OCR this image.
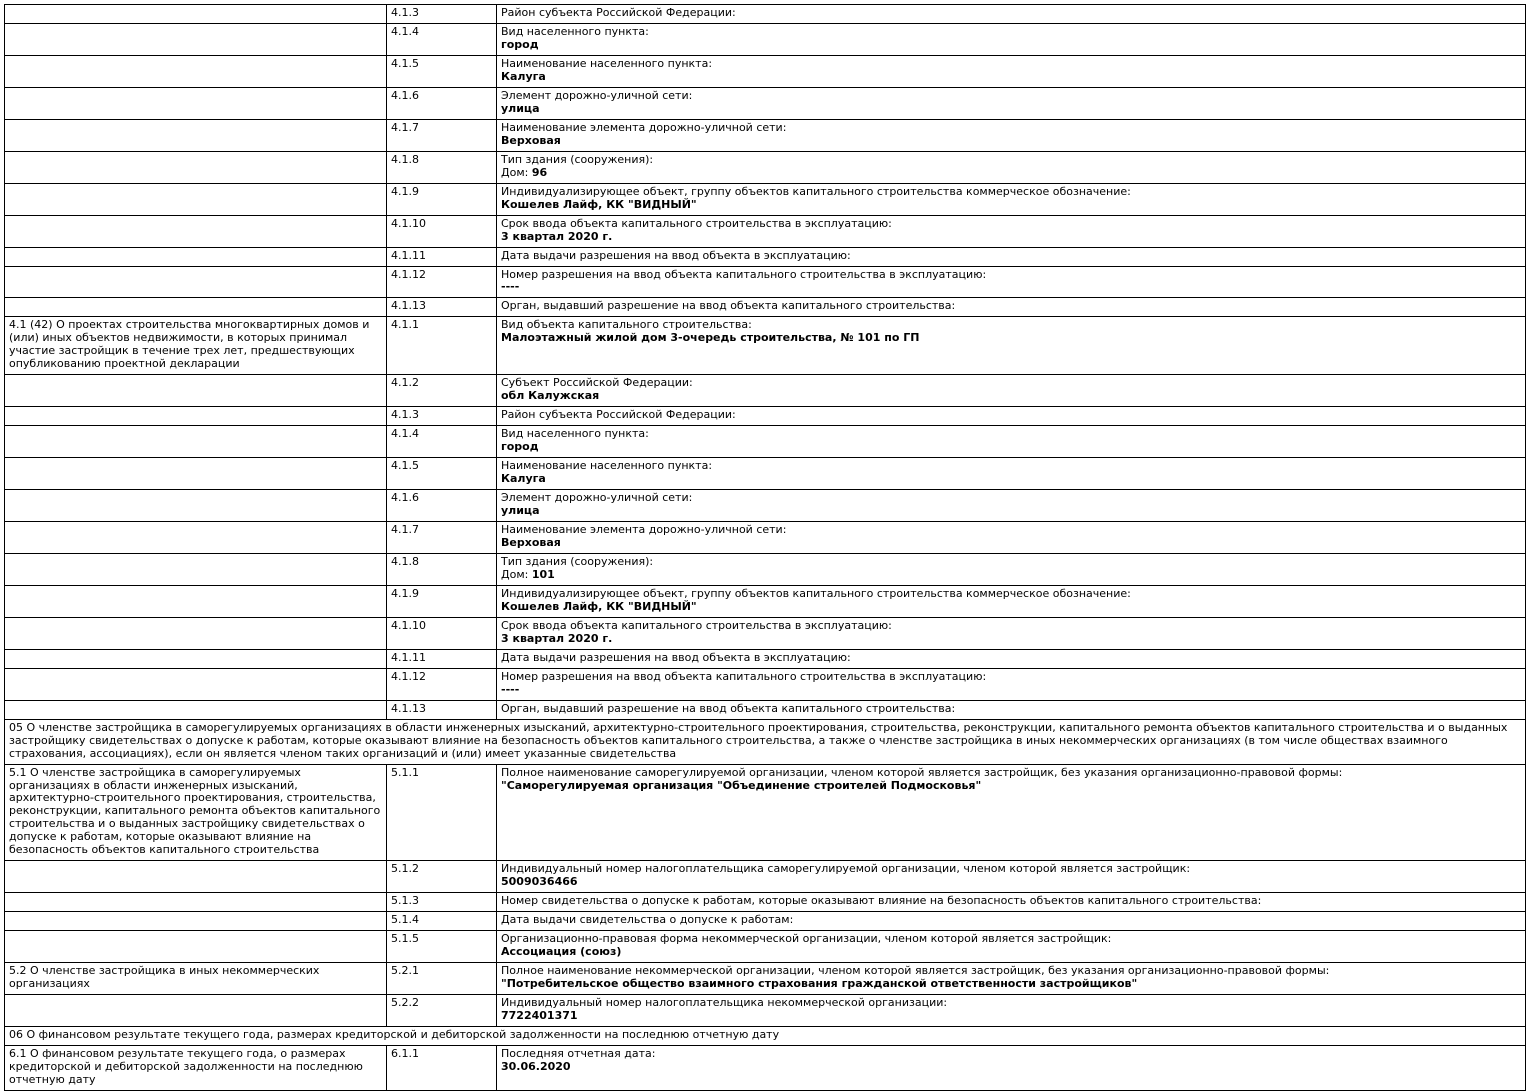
	4.1.3	Район субъекта Российской Федерации:

	4.1.4	Вид населенного пункта:
город

	4.1.5	Наименование населенного пункта:
Калуга

	4.1.6	Элемент дорожно-уличной сети:
улица

	4.1.7	Наименование элемента дорожно-уличной сети:
Верховая

	4.1.8	Тип здания (сооружения):
Дом: 96

	4.1.9	Индивидуализирующее объект, группу объектов капитального строительства коммерческое обозначение:
Кошелев Лайф, КК "ВИДНЫЙ"

	4.1.10	Срок ввода объекта капитального строительства в эксплуатацию:
3 квартал 2020 г.

	4.1.11	Дата выдачи разрешения на ввод объекта в эксплуатацию:

	4.1.12	Номер разрешения на ввод объекта капитального строительства в эксплуатацию:
----

	4.1.13	Орган, выдавший разрешение на ввод объекта капитального строительства:

4.1 (42) О проектах строительства многоквартирных домов и (или) иных объектов недвижимости, в которых принимал участие застройщик в течение трех лет, предшествующих опубликованию проектной декларации	4.1.1	Вид объекта капитального строительства:
Малоэтажный жилой дом 3-очередь строительства, № 101 по ГП

	4.1.2	Субъект Российской Федерации:
обл Калужская

	4.1.3	Район субъекта Российской Федерации:

	4.1.4	Вид населенного пункта:
город

	4.1.5	Наименование населенного пункта:
Калуга

	4.1.6	Элемент дорожно-уличной сети:
улица

	4.1.7	Наименование элемента дорожно-уличной сети:
Верховая

	4.1.8	Тип здания (сооружения):
Дом: 101

	4.1.9	Индивидуализирующее объект, группу объектов капитального строительства коммерческое обозначение:
Кошелев Лайф, КК "ВИДНЫЙ"

	4.1.10	Срок ввода объекта капитального строительства в эксплуатацию:
3 квартал 2020 г.

	4.1.11	Дата выдачи разрешения на ввод объекта в эксплуатацию:

	4.1.12	Номер разрешения на ввод объекта капитального строительства в эксплуатацию:
----

	4.1.13	Орган, выдавший разрешение на ввод объекта капитального строительства:

05 О членстве застройщика в саморегулируемых организациях в области инженерных изысканий, архитектурно-строительного проектирования, строительства, реконструкции, капитального ремонта объектов капитального строительства и о выданных застройщику свидетельствах о допуске к работам, которые оказывают влияние на безопасность объектов капитального строительства, а также о членстве застройщика в иных некоммерческих организациях (в том числе обществах взаимного страхования, ассоциациях), если он является членом таких организаций и (или) имеет указанные свидетельства		
5.1 О членстве застройщика в саморегулируемых организациях в области инженерных изысканий, архитектурно-строительного проектирования, строительства, реконструкции, капитального ремонта объектов капитального строительства и о выданных застройщику свидетельствах о допуске к работам, которые оказывают влияние на безопасность объектов капитального строительства	5.1.1	Полное наименование саморегулируемой организации, членом которой является застройщик, без указания организационно-правовой формы:
"Саморегулируемая организация "Объединение строителей Подмосковья"

	5.1.2	Индивидуальный номер налогоплательщика саморегулируемой организации, членом которой является застройщик:
5009036466

	5.1.3	Номер свидетельства о допуске к работам, которые оказывают влияние на безопасность объектов капитального строительства:

	5.1.4	Дата выдачи свидетельства о допуске к работам:

	5.1.5	Организационно-правовая форма некоммерческой организации, членом которой является застройщик:
Ассоциация (союз)

5.2 О членстве застройщика в иных некоммерческих организациях	5.2.1	Полное наименование некоммерческой организации, членом которой является застройщик, без указания организационно-правовой формы:
"Потребительское общество взаимного страхования гражданской ответственности застройщиков"

	5.2.2	Индивидуальный номер налогоплательщика некоммерческой организации:
7722401371

06 О финансовом результате текущего года, размерах кредиторской и дебиторской задолженности на последнюю отчетную дату		
6.1 О финансовом результате текущего года, о размерах кредиторской и дебиторской задолженности на последнюю отчетную дату	6.1.1	Последняя отчетная дата:
30.06.2020
